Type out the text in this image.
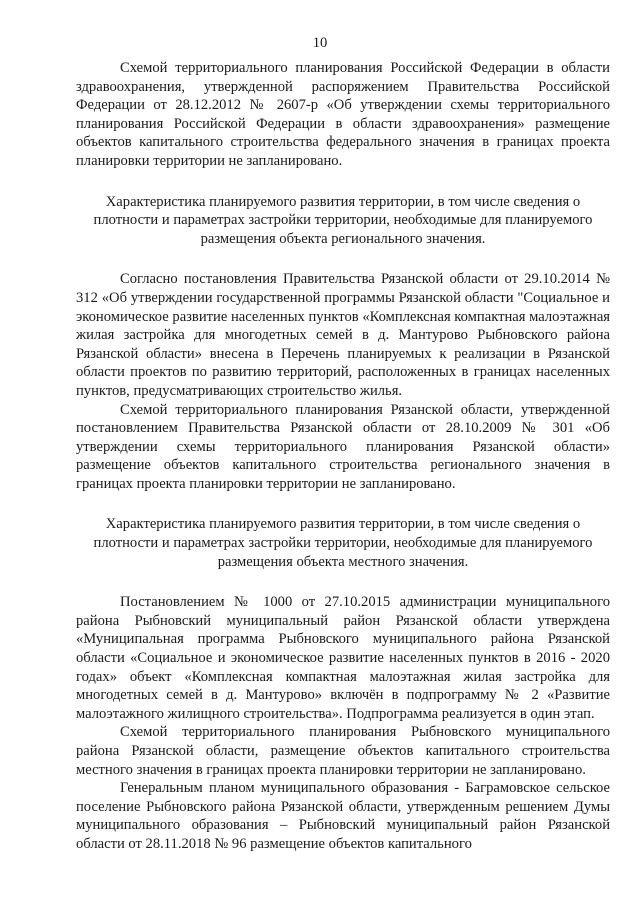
10

Схемой территориального планирования Российской Федерации в области здравоохранения, утвержденной распоряжением Правительства Российской Федерации от 28.12.2012 № 2607-р «Об утверждении схемы территориального планирования Российской Федерации в области здравоохранения» размещение объектов капитального строительства федерального значения в границах проекта планировки территории не запланировано.

Характеристика планируемого развития территории, в том числе сведения о плотности и параметрах застройки территории, необходимые для планируемого размещения объекта регионального значения.

Согласно постановления Правительства Рязанской области от 29.10.2014 № 312 «Об утверждении государственной программы Рязанской области "Социальное и экономическое развитие населенных пунктов «Комплексная компактная малоэтажная жилая застройка для многодетных семей в д. Мантурово Рыбновского района Рязанской области» внесена в Перечень планируемых к реализации в Рязанской области проектов по развитию территорий, расположенных в границах населенных пунктов, предусматривающих строительство жилья.

Схемой территориального планирования Рязанской области, утвержденной постановлением Правительства Рязанской области от 28.10.2009 № 301 «Об утверждении схемы территориального планирования Рязанской области» размещение объектов капитального строительства регионального значения в границах проекта планировки территории не запланировано.

Характеристика планируемого развития территории, в том числе сведения о плотности и параметрах застройки территории, необходимые для планируемого размещения объекта местного значения.

Постановлением № 1000 от 27.10.2015 администрации муниципального района Рыбновский муниципальный район Рязанской области утверждена «Муниципальная программа Рыбновского муниципального района Рязанской области «Социальное и экономическое развитие населенных пунктов в 2016 - 2020 годах» объект «Комплексная компактная малоэтажная жилая застройка для многодетных семей в д. Мантурово» включён в подпрограмму № 2 «Развитие малоэтажного жилищного строительства». Подпрограмма реализуется в один этап.

Схемой территориального планирования Рыбновского муниципального района Рязанской области, размещение объектов капитального строительства местного значения в границах проекта планировки территории не запланировано.

Генеральным планом муниципального образования - Баграмовское сельское поселение Рыбновского района Рязанской области, утвержденным решением Думы муниципального образования – Рыбновский муниципальный район Рязанской области от 28.11.2018 № 96 размещение объектов капитального
